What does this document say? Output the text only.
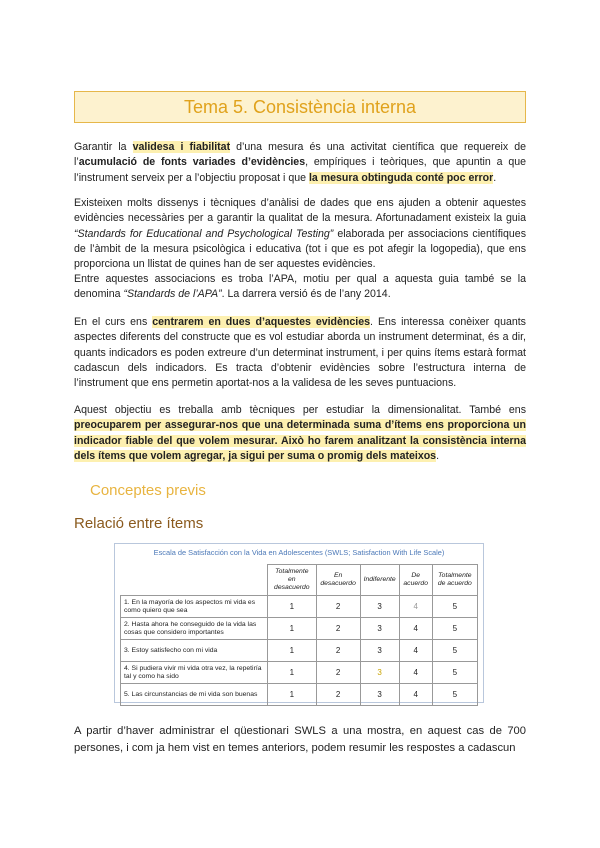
Tema 5. Consistència interna
Garantir la validesa i fiabilitat d’una mesura és una activitat científica que requereix de l’acumulació de fonts variades d’evidències, empíriques i teòriques, que apuntin a que l’instrument serveix per a l’objectiu proposat i que la mesura obtinguda conté poc error.
Existeixen molts dissenys i tècniques d’anàlisi de dades que ens ajuden a obtenir aquestes evidències necessàries per a garantir la qualitat de la mesura. Afortunadament existeix la guia “Standards for Educational and Psychological Testing” elaborada per associacions científiques de l’àmbit de la mesura psicològica i educativa (tot i que es pot afegir la logopedia), que ens proporciona un llistat de quines han de ser aquestes evidències.
Entre aquestes associacions es troba l’APA, motiu per qual a aquesta guia també se la denomina “Standards de l’APA”. La darrera versió és de l’any 2014.
En el curs ens centrarem en dues d’aquestes evidències. Ens interessa conèixer quants aspectes diferents del constructe que es vol estudiar aborda un instrument determinat, és a dir, quants indicadors es poden extreure d’un determinat instrument, i per quins ítems estarà format cadascun dels indicadors. Es tracta d’obtenir evidències sobre l’estructura interna de l’instrument que ens permetin aportat-nos a la validesa de les seves puntuacions.
Aquest objectiu es treballa amb tècniques per estudiar la dimensionalitat. També ens preocuparem per assegurar-nos que una determinada suma d’ítems ens proporciona un indicador fiable del que volem mesurar. Això ho farem analitzant la consistència interna dels ítems que volem agregar, ja sigui per suma o promig dels mateixos.
Conceptes previs
Relació entre ítems
Escala de Satisfacción con la Vida en Adolescentes (SWLS; Satisfaction With Life Scale)
	Totalmente en desacuerdo	En desacuerdo	Indiferente	De acuerdo	Totalmente de acuerdo
1. En la mayoría de los aspectos mi vida es como quiero que sea	1	2	3	4	5
2. Hasta ahora he conseguido de la vida las cosas que considero importantes	1	2	3	4	5
3. Estoy satisfecho con mi vida	1	2	3	4	5
4. Si pudiera vivir mi vida otra vez, la repetiría tal y como ha sido	1	2	3	4	5
5. Las circunstancias de mi vida son buenas	1	2	3	4	5
A partir d’haver administrar el qüestionari SWLS a una mostra, en aquest cas de 700 persones, i com ja hem vist en temes anteriors, podem resumir les respostes a cadascun
